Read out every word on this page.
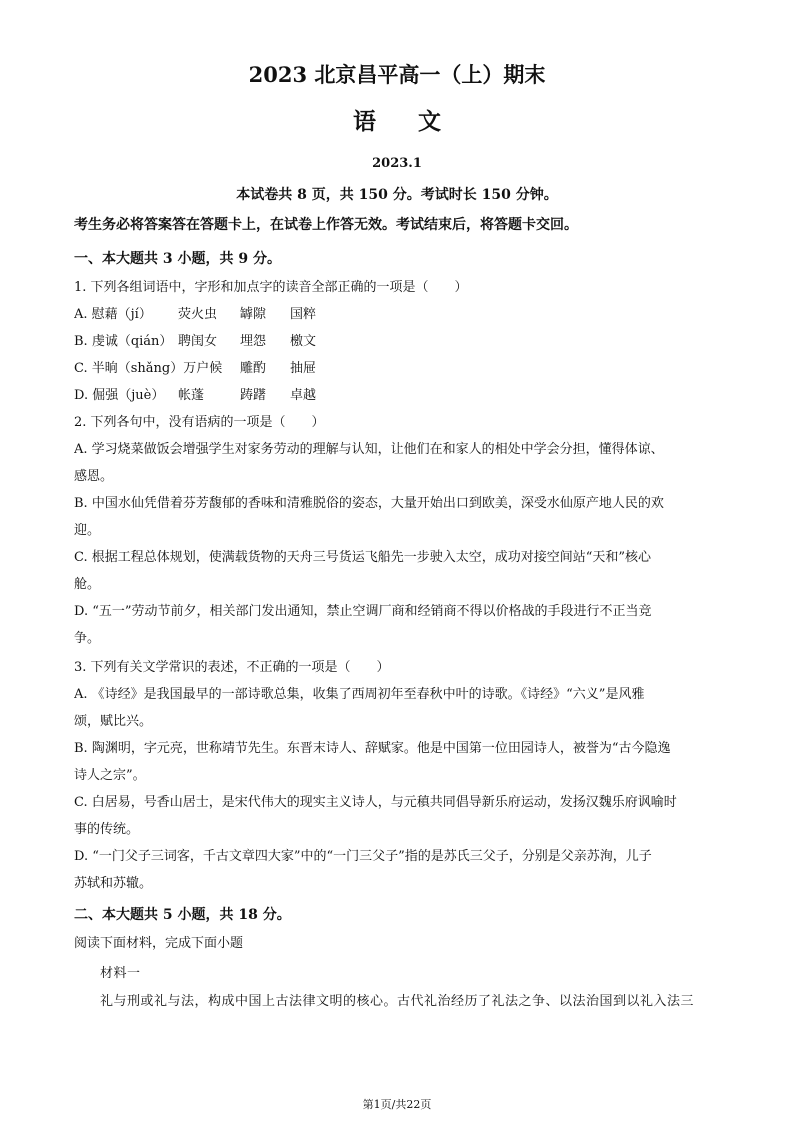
2023 北京昌平高一（上）期末
语文
2023.1
本试卷共 8 页，共 150 分。考试时长 150 分钟。
考生务必将答案答在答题卡上，在试卷上作答无效。考试结束后，将答题卡交回。
一、本大题共 3 小题，共 9 分。
1. 下列各组词语中，字形和加点字的读音全部正确的一项是（　　）
A. 慰藉（jí） 荧火虫 罅隙 国粹
B. 虔诚（qián） 聘闺女 埋怨 檄文
C. 半晌（shǎng）万户候 雕酌 抽屉
D. 倔强（juè） 帐蓬	踌躇 卓越
2. 下列各句中，没有语病的一项是（　　）
A. 学习烧菜做饭会增强学生对家务劳动的理解与认知，让他们在和家人的相处中学会分担，懂得体谅、
感恩。
B. 中国水仙凭借着芬芳馥郁的香味和清雅脱俗的姿态，大量开始出口到欧美，深受水仙原产地人民的欢
迎。
C. 根据工程总体规划，使满载货物的天舟三号货运飞船先一步驶入太空，成功对接空间站“天和”核心
舱。
D. “五一”劳动节前夕，相关部门发出通知，禁止空调厂商和经销商不得以价格战的手段进行不正当竞
争。
3. 下列有关文学常识的表述，不正确的一项是（　　）
A. 《诗经》是我国最早的一部诗歌总集，收集了西周初年至春秋中叶的诗歌。《诗经》“六义”是风雅
颂，赋比兴。
B. 陶渊明，字元亮，世称靖节先生。东晋末诗人、辞赋家。他是中国第一位田园诗人，被誉为“古今隐逸
诗人之宗”。
C. 白居易，号香山居士，是宋代伟大的现实主义诗人，与元稹共同倡导新乐府运动，发扬汉魏乐府讽喻时
事的传统。
D. “一门父子三词客，千古文章四大家”中的“一门三父子”指的是苏氏三父子，分别是父亲苏洵，儿子
苏轼和苏辙。
二、本大题共 5 小题，共 18 分。
阅读下面材料，完成下面小题
材料一
礼与刑或礼与法，构成中国上古法律文明的核心。古代礼治经历了礼法之争、以法治国到以礼入法三
第1页/共22页
